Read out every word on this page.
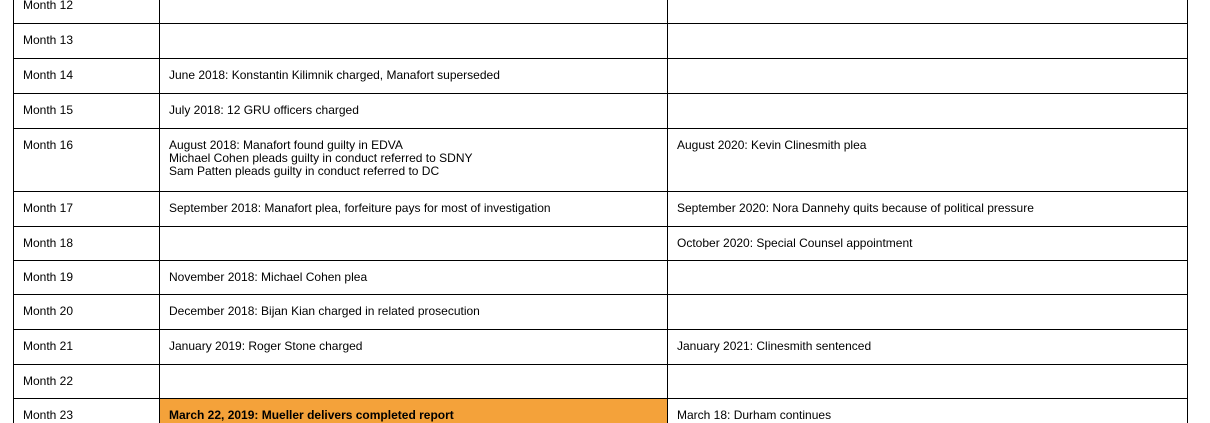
Month 12		
Month 13		
Month 14	June 2018: Konstantin Kilimnik charged, Manafort superseded	

Month 15	July 2018: 12 GRU officers charged	

Month 16	August 2018: Manafort found guilty in EDVA
Michael Cohen pleads guilty in conduct referred to SDNY
Sam Patten pleads guilty in conduct referred to DC	August 2020: Kevin Clinesmith plea

Month 17	September 2018: Manafort plea, forfeiture pays for most of investigation	September 2020: Nora Dannehy quits because of political pressure

Month 18		October 2020: Special Counsel appointment

Month 19	November 2018: Michael Cohen plea	

Month 20	December 2018: Bijan Kian charged in related prosecution	

Month 21	January 2019: Roger Stone charged	January 2021: Clinesmith sentenced

Month 22		
Month 23	March 22, 2019: Mueller delivers completed report	March 18: Durham continues
